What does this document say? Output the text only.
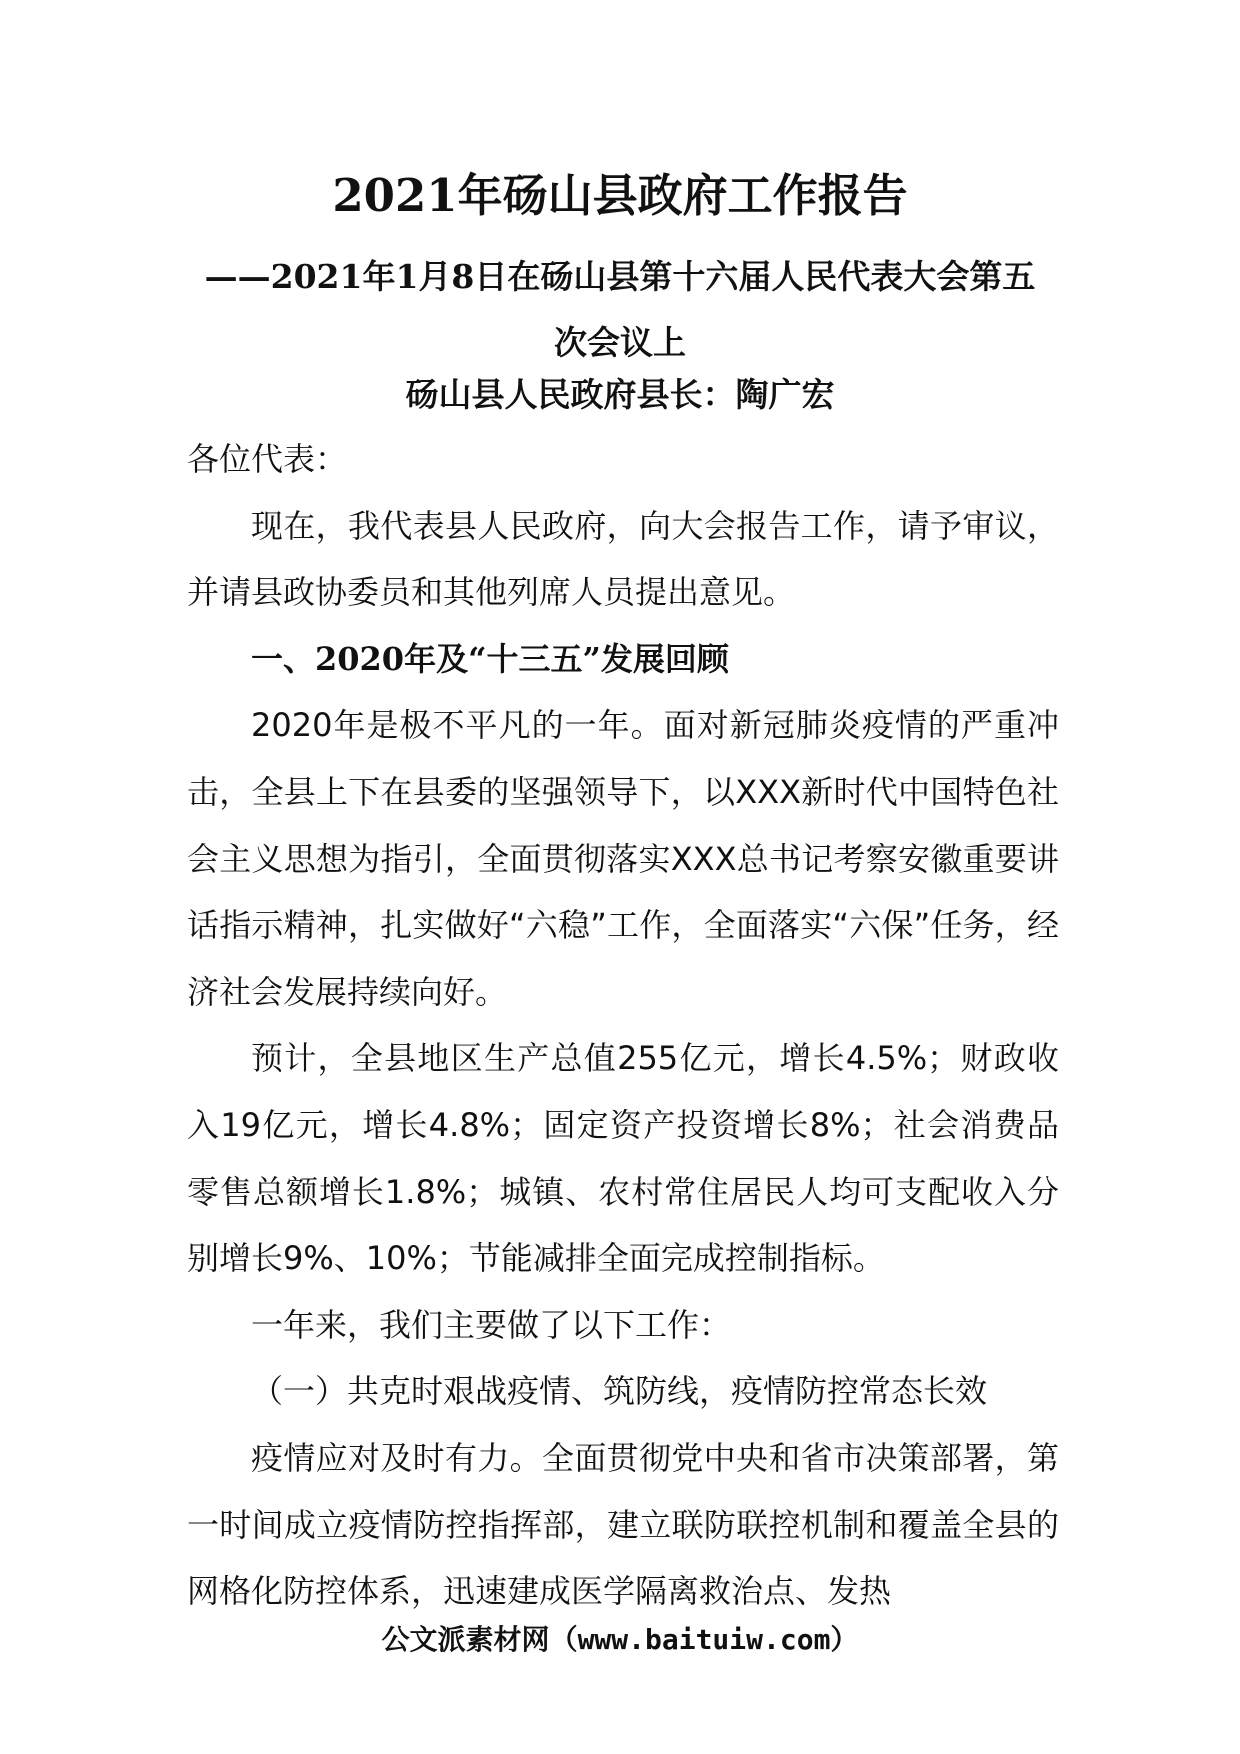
2021年砀山县政府工作报告
——2021年1月8日在砀山县第十六届人民代表大会第五次会议上
砀山县人民政府县长：陶广宏

各位代表：

现在，我代表县人民政府，向大会报告工作，请予审议，并请县政协委员和其他列席人员提出意见。

一、2020年及“十三五”发展回顾

2020年是极不平凡的一年。面对新冠肺炎疫情的严重冲击，全县上下在县委的坚强领导下，以XXX新时代中国特色社会主义思想为指引，全面贯彻落实XXX总书记考察安徽重要讲话指示精神，扎实做好“六稳”工作，全面落实“六保”任务，经济社会发展持续向好。

预计，全县地区生产总值255亿元，增长4.5%；财政收入19亿元，增长4.8%；固定资产投资增长8%；社会消费品零售总额增长1.8%；城镇、农村常住居民人均可支配收入分别增长9%、10%；节能减排全面完成控制指标。

一年来，我们主要做了以下工作：

（一）共克时艰战疫情、筑防线，疫情防控常态长效

疫情应对及时有力。全面贯彻党中央和省市决策部署，第一时间成立疫情防控指挥部，建立联防联控机制和覆盖全县的网格化防控体系，迅速建成医学隔离救治点、发热

公文派素材网（www.baituiw.com）
